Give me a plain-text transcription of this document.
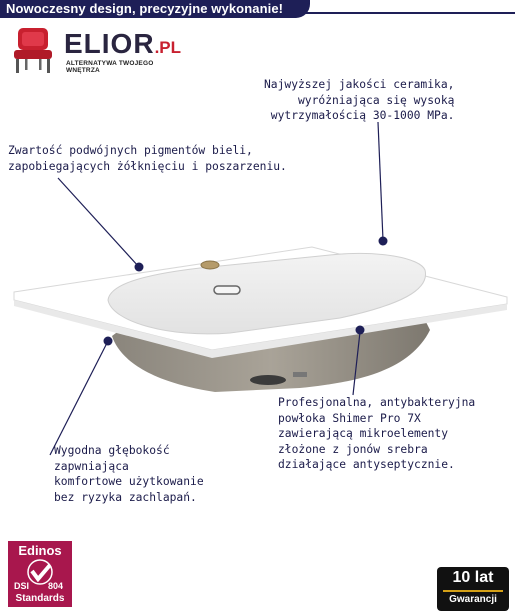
Nowoczesny design, precyzyjne wykonanie!
ELIOR.PL
ALTERNATYWA TWOJEGO WNĘTRZA
Najwyższej jakości ceramika,
wyróżniająca się wysoką
wytrzymałością 30-1000 MPa.
Zwartość podwójnych pigmentów bieli,
zapobiegających żółknięciu i poszarzeniu.
Profesjonalna, antybakteryjna
powłoka Shimer Pro 7X
zawierającą mikroelementy
złożone z jonów srebra
działające antyseptycznie.
Wygodna głębokość
zapwniająca
komfortowe użytkowanie
bez ryzyka zachlapań.
Edinos
DSI 804
Standards
10 lat
Gwarancji
